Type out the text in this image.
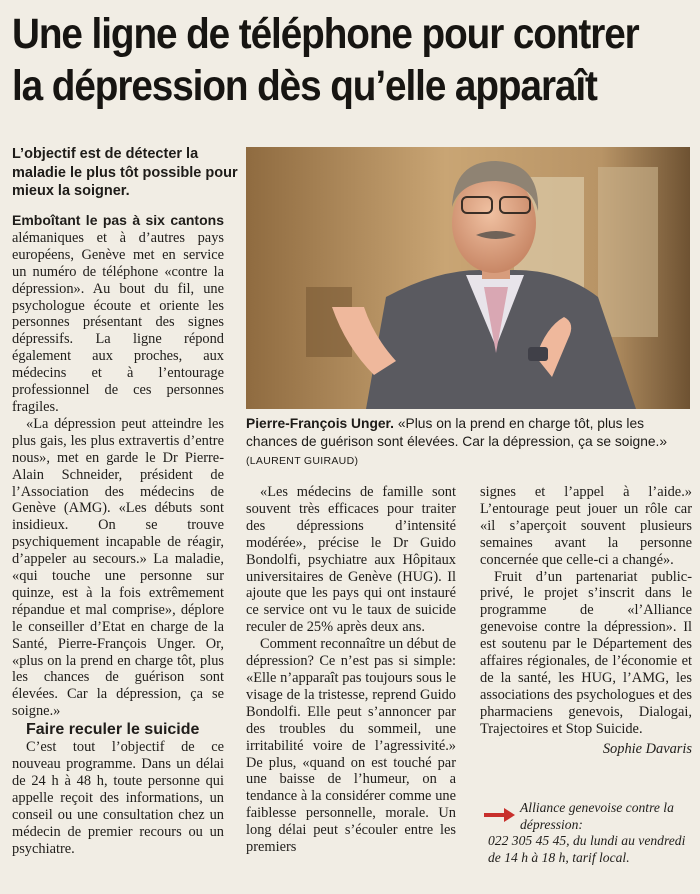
Une ligne de téléphone pour contrer
la dépression dès qu’elle apparaît

L’objectif est de détecter la maladie le plus tôt possible pour mieux la soigner.

Emboîtant le pas à six cantons alémaniques et à d’autres pays européens, Genève met en service un numéro de téléphone «contre la dépression». Au bout du fil, une psychologue écoute et oriente les personnes présentant des signes dépressifs. La ligne répond également aux proches, aux médecins et à l’entourage professionnel de ces personnes fragiles.

«La dépression peut atteindre les plus gais, les plus extravertis d’entre nous», met en garde le Dr Pierre-Alain Schneider, président de l’Association des médecins de Genève (AMG). «Les débuts sont insidieux. On se trouve psychiquement incapable de réagir, d’appeler au secours.» La maladie, «qui touche une personne sur quinze, est à la fois extrêmement répandue et mal comprise», déplore le conseiller d’Etat en charge de la Santé, Pierre-François Unger. Or, «plus on la prend en charge tôt, plus les chances de guérison sont élevées. Car la dépression, ça se soigne.»

Faire reculer le suicide

C’est tout l’objectif de ce nouveau programme. Dans un délai de 24 h à 48 h, toute personne qui appelle reçoit des informations, un conseil ou une consultation chez un médecin de premier recours ou un psychiatre.

Pierre-François Unger. «Plus on la prend en charge tôt, plus les chances de guérison sont élevées. Car la dépression, ça se soigne.» (LAURENT GUIRAUD)

«Les médecins de famille sont souvent très efficaces pour traiter des dépressions d’intensité modérée», précise le Dr Guido Bondolfi, psychiatre aux Hôpitaux universitaires de Genève (HUG). Il ajoute que les pays qui ont instauré ce service ont vu le taux de suicide reculer de 25% après deux ans.

Comment reconnaître un début de dépression? Ce n’est pas si simple: «Elle n’apparaît pas toujours sous le visage de la tristesse, reprend Guido Bondolfi. Elle peut s’annoncer par des troubles du sommeil, une irritabilité voire de l’agressivité.» De plus, «quand on est touché par une baisse de l’humeur, on a tendance à la considérer comme une faiblesse personnelle, morale. Un long délai peut s’écouler entre les premiers

signes et l’appel à l’aide.» L’entourage peut jouer un rôle car «il s’aperçoit souvent plusieurs semaines avant la personne concernée que celle-ci a changé».

Fruit d’un partenariat public-privé, le projet s’inscrit dans le programme de «l’Alliance genevoise contre la dépression». Il est soutenu par le Département des affaires régionales, de l’économie et de la santé, les HUG, l’AMG, les associations des psychologues et des pharmaciens genevois, Dialogai, Trajectoires et Stop Suicide.

Sophie Davaris
Alliance genevoise contre la dépression:
022 305 45 45, du lundi au vendredi de 14 h à 18 h, tarif local.
